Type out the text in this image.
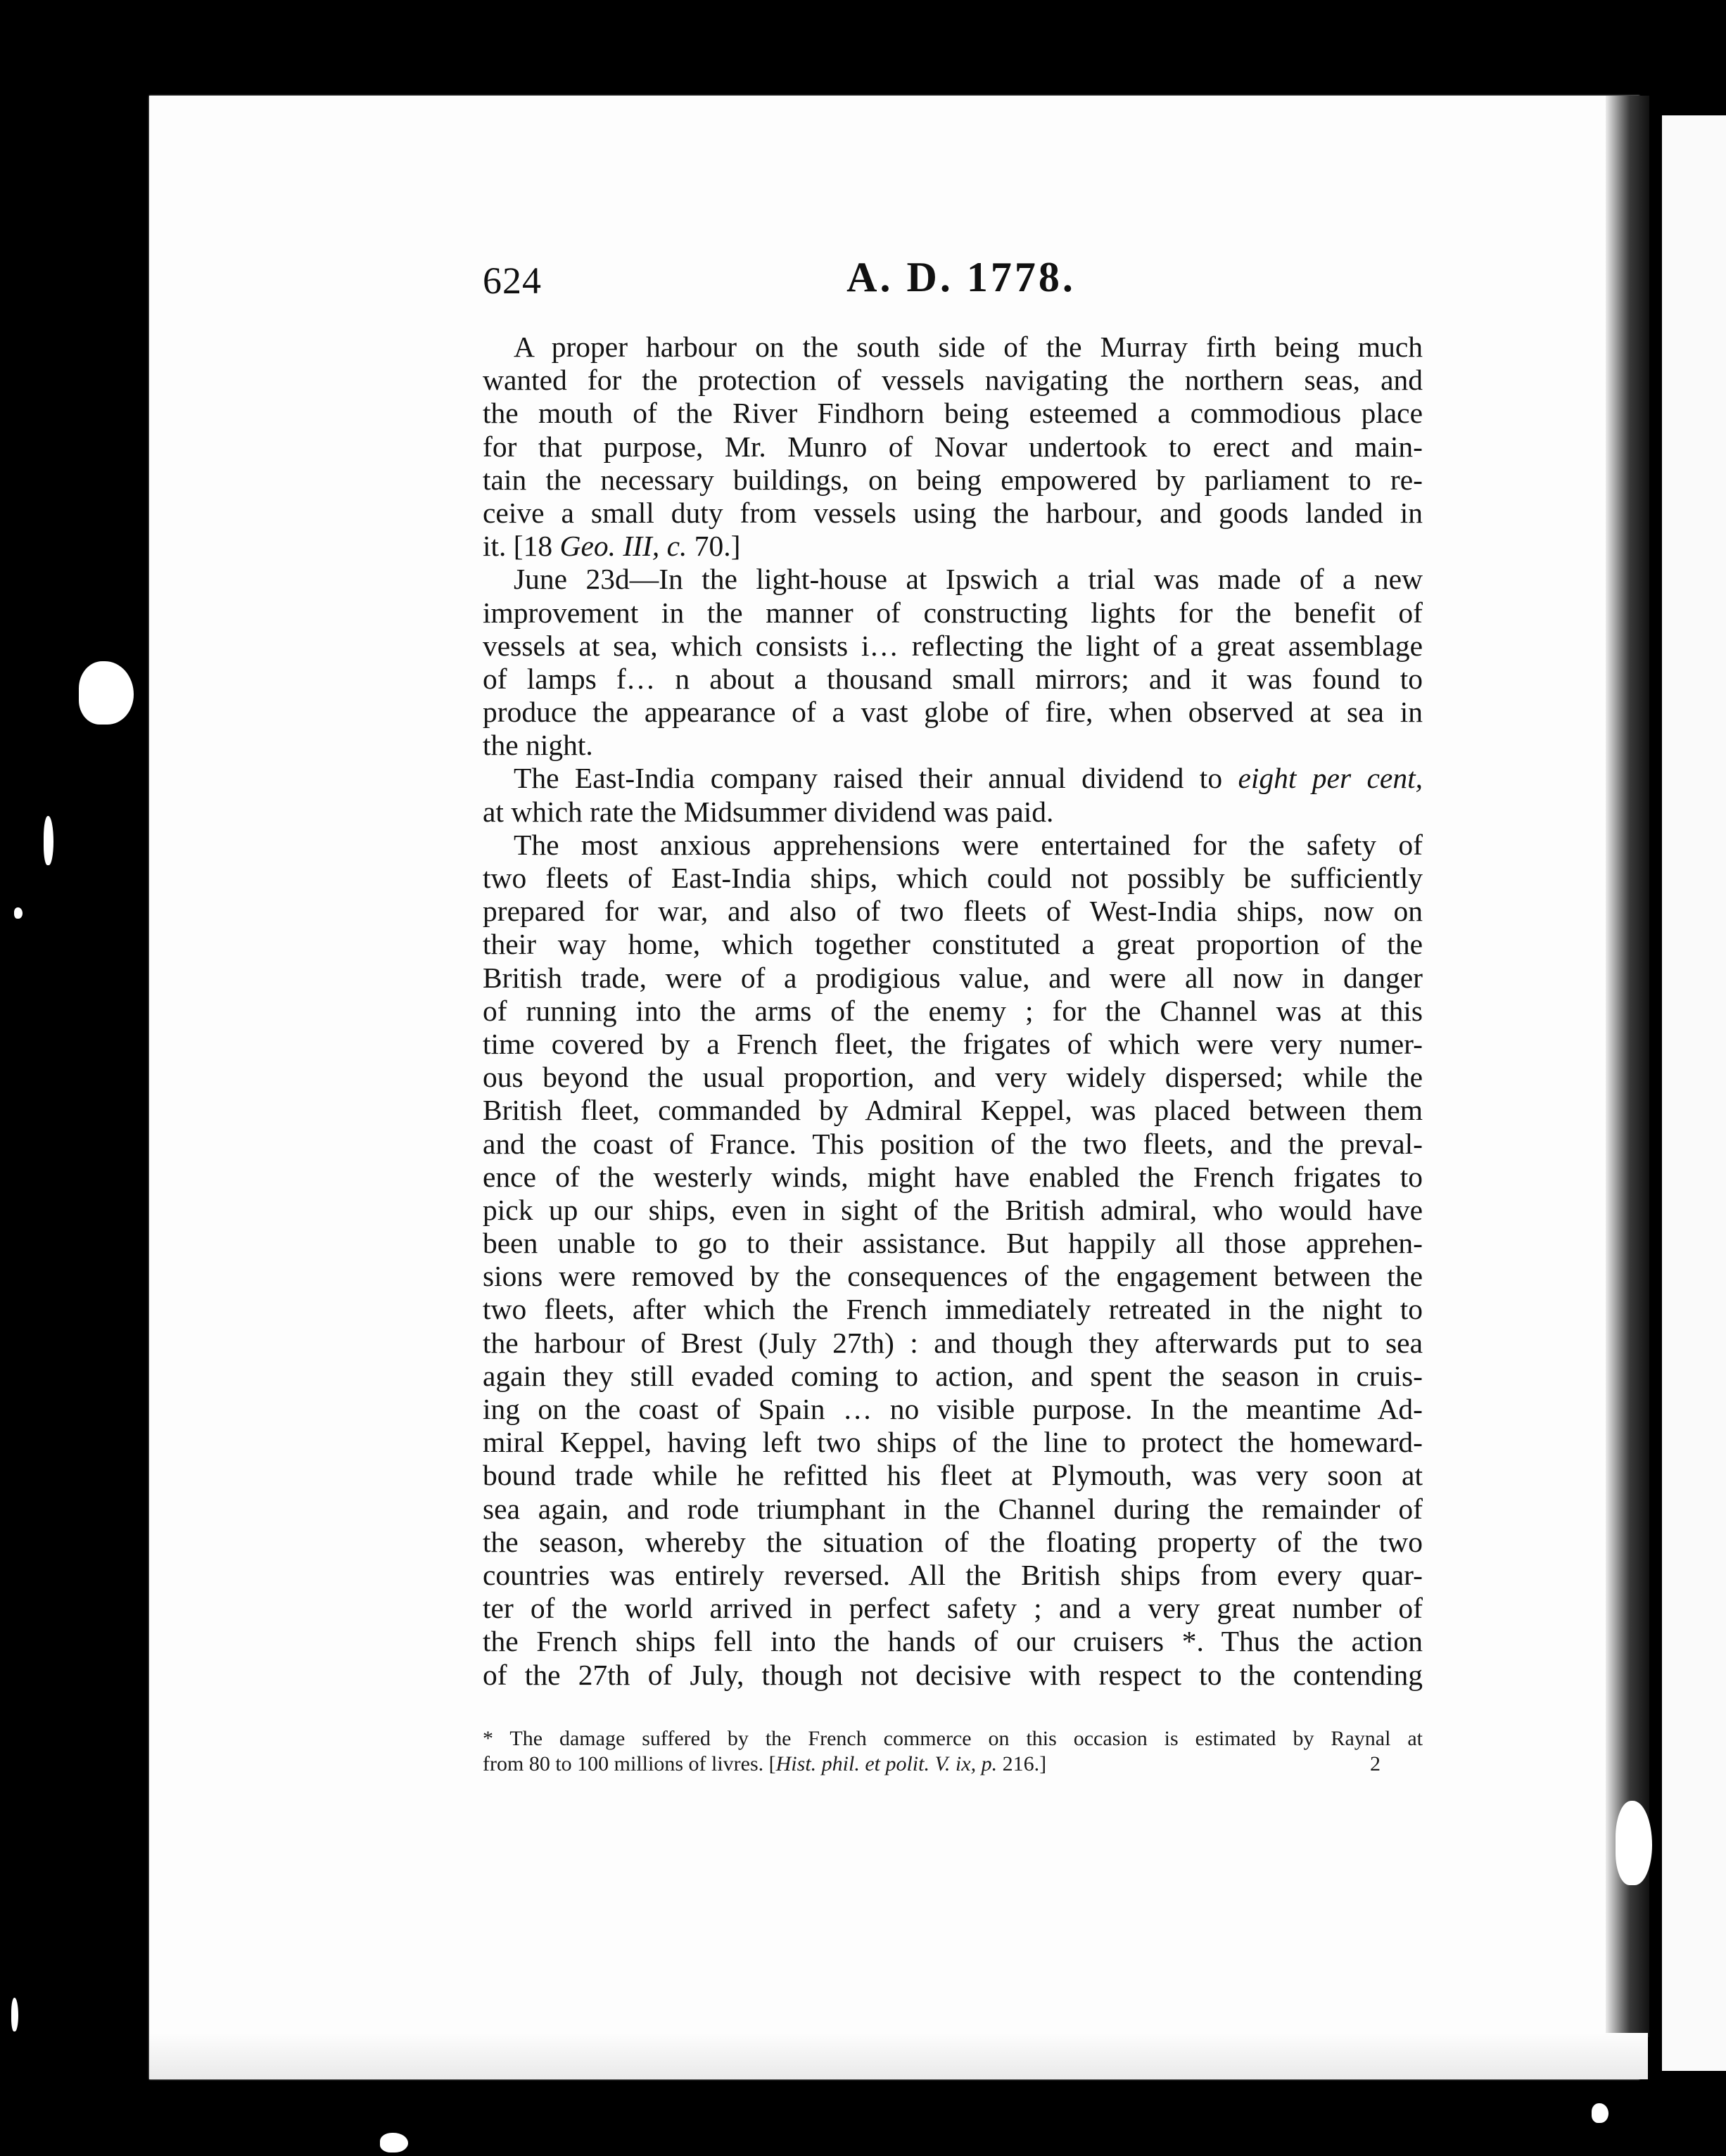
624	A. D. 1778.
A proper harbour on the south side of the Murray firth being much
wanted for the protection of vessels navigating the northern seas, and
the mouth of the River Findhorn being esteemed a commodious place
for that purpose, Mr. Munro of Novar undertook to erect and main-
tain the necessary buildings, on being empowered by parliament to re-
ceive a small duty from vessels using the harbour, and goods landed in
it. [18 Geo. III, c. 70.]
June 23d—In the light-house at Ipswich a trial was made of a new
improvement in the manner of constructing lights for the benefit of
vessels at sea, which consists i… reflecting the light of a great assemblage
of lamps f… n about a thousand small mirrors; and it was found to
produce the appearance of a vast globe of fire, when observed at sea in
the night.
The East-India company raised their annual dividend to eight per cent,
at which rate the Midsummer dividend was paid.
The most anxious apprehensions were entertained for the safety of
two fleets of East-India ships, which could not possibly be sufficiently
prepared for war, and also of two fleets of West-India ships, now on
their way home, which together constituted a great proportion of the
British trade, were of a prodigious value, and were all now in danger
of running into the arms of the enemy ; for the Channel was at this
time covered by a French fleet, the frigates of which were very numer-
ous beyond the usual proportion, and very widely dispersed; while the
British fleet, commanded by Admiral Keppel, was placed between them
and the coast of France. This position of the two fleets, and the preval-
ence of the westerly winds, might have enabled the French frigates to
pick up our ships, even in sight of the British admiral, who would have
been unable to go to their assistance. But happily all those apprehen-
sions were removed by the consequences of the engagement between the
two fleets, after which the French immediately retreated in the night to
the harbour of Brest (July 27th) : and though they afterwards put to sea
again they still evaded coming to action, and spent the season in cruis-
ing on the coast of Spain … no visible purpose. In the meantime Ad-
miral Keppel, having left two ships of the line to protect the homeward-
bound trade while he refitted his fleet at Plymouth, was very soon at
sea again, and rode triumphant in the Channel during the remainder of
the season, whereby the situation of the floating property of the two
countries was entirely reversed. All the British ships from every quar-
ter of the world arrived in perfect safety ; and a very great number of
the French ships fell into the hands of our cruisers *. Thus the action
of the 27th of July, though not decisive with respect to the contending
* The damage suffered by the French commerce on this occasion is estimated by Raynal at
from 80 to 100 millions of livres. [Hist. phil. et polit. V. ix, p. 216.]	2
